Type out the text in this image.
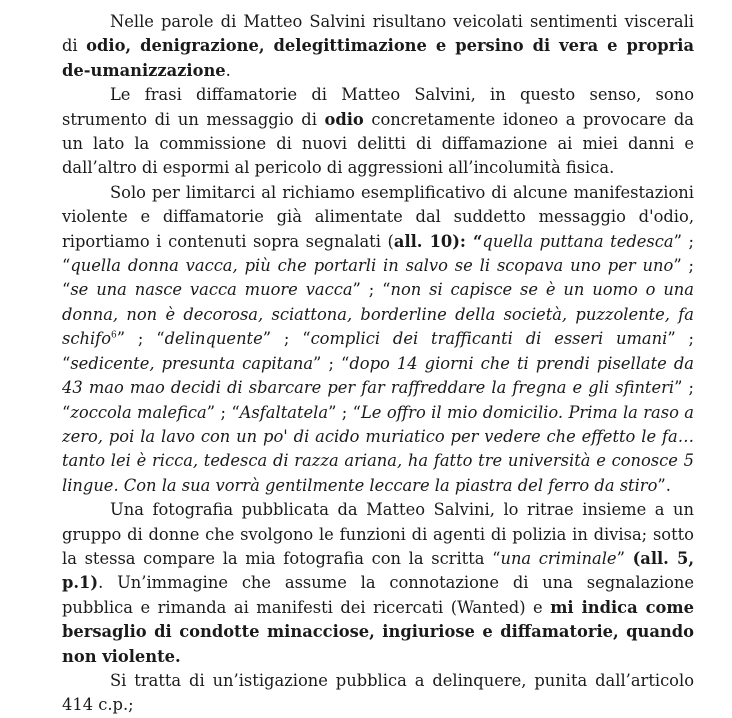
Nelle parole di Matteo Salvini risultano veicolati sentimenti viscerali di odio, denigrazione, delegittimazione e persino di vera e propria de-umanizzazione.

Le frasi diffamatorie di Matteo Salvini, in questo senso, sono strumento di un messaggio di odio concretamente idoneo a provocare da un lato la commissione di nuovi delitti di diffamazione ai miei danni e dall’altro di espormi al pericolo di aggressioni all’incolumità fisica.

Solo per limitarci al richiamo esemplificativo di alcune manifestazioni violente e diffamatorie già alimentate dal suddetto messaggio d'odio, riportiamo i contenuti sopra segnalati (all. 10): “quella puttana tedesca” ; “quella donna vacca, più che portarli in salvo se li scopava uno per uno” ; “se una nasce vacca muore vacca” ; “non si capisce se è un uomo o una donna, non è decorosa, sciattona, borderline della società, puzzolente, fa schifo$^6$” ; “delinquente” ; “complici dei trafficanti di esseri umani” ; “sedicente, presunta capitana” ; “dopo 14 giorni che ti prendi pisellate da 43 mao mao decidi di sbarcare per far raffreddare la fregna e gli sfinteri” ; “zoccola malefica” ; “Asfaltatela” ; “Le offro il mio domicilio. Prima la raso a zero, poi la lavo con un po' di acido muriatico per vedere che effetto le fa… tanto lei è ricca, tedesca di razza ariana, ha fatto tre università e conosce 5 lingue. Con la sua vorrà gentilmente leccare la piastra del ferro da stiro”.

Una fotografia pubblicata da Matteo Salvini, lo ritrae insieme a un gruppo di donne che svolgono le funzioni di agenti di polizia in divisa; sotto la stessa compare la mia fotografia con la scritta “una criminale” (all. 5, p.1). Un’immagine che assume la connotazione di una segnalazione pubblica e rimanda ai manifesti dei ricercati (Wanted) e mi indica come bersaglio di condotte minacciose, ingiuriose e diffamatorie, quando non violente.

Si tratta di un’istigazione pubblica a delinquere, punita dall’articolo 414 c.p.;
